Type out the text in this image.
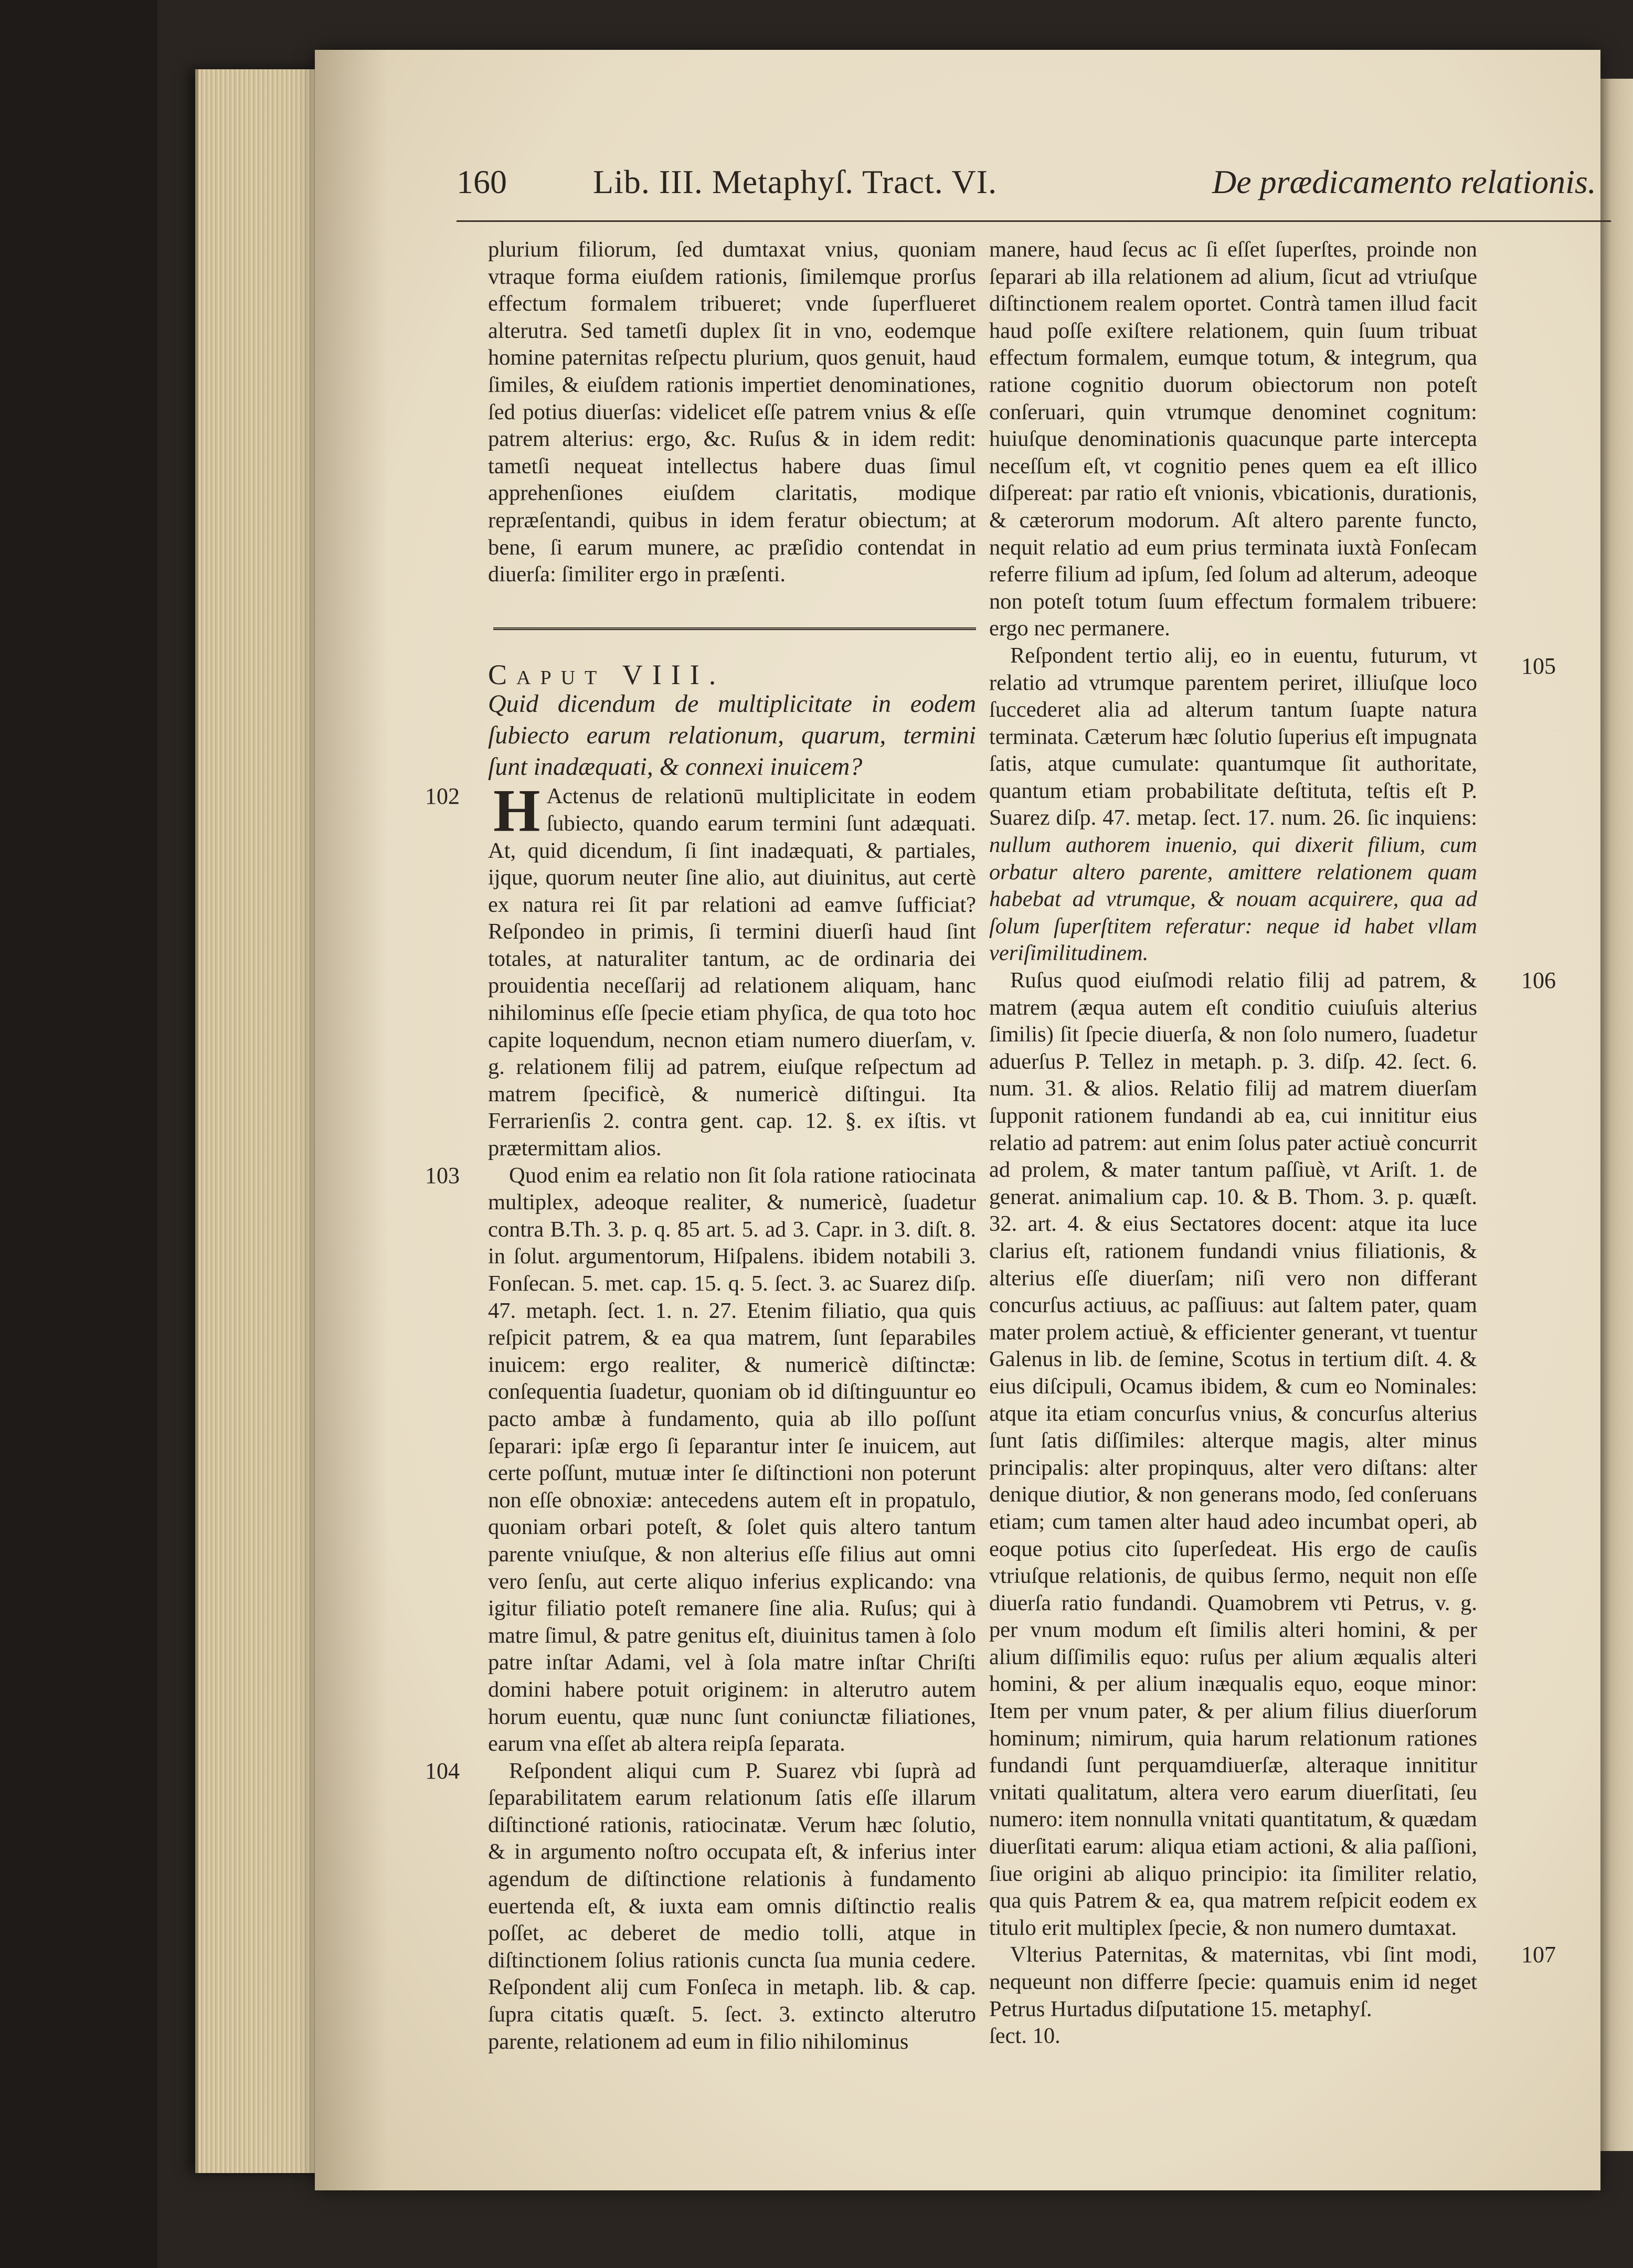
160	Lib. III. Metaphyſ. Tract. VI.	De prædicamento relationis.

plurium filiorum, ſed dumtaxat vnius, quoniam vtraque forma eiuſdem rationis, ſimilemque prorſus effectum formalem tribueret; vnde ſuperflueret alterutra. Sed tametſi duplex ſit in vno, eodemque homine paternitas reſpectu plurium, quos genuit, haud ſimiles, & eiuſdem rationis impertiet denominationes, ſed potius diuerſas: videlicet eſſe patrem vnius & eſſe patrem alterius: ergo, &c. Ruſus & in idem redit: tametſi nequeat intellectus habere duas ſimul apprehenſiones eiuſdem claritatis, modique repræſentandi, quibus in idem feratur obiectum; at bene, ſi earum munere, ac præſidio contendat in diuerſa: ſimiliter ergo in præſenti.

Caput VIII.

Quid dicendum de multiplicitate in eodem ſubiecto earum relationum, quarum, termini ſunt inadæquati, & connexi inuicem?

102 H Actenus de relationū multiplicitate in eodem ſubiecto, quando earum termini ſunt adæquati. At, quid dicendum, ſi ſint inadæquati, & partiales, ijque, quorum neuter ſine alio, aut diuinitus, aut certè ex natura rei ſit par relationi ad eamve ſufficiat? Reſpondeo in primis, ſi termini diuerſi haud ſint totales, at naturaliter tantum, ac de ordinaria dei prouidentia neceſſarij ad relationem aliquam, hanc nihilominus eſſe ſpecie etiam phyſica, de qua toto hoc capite loquendum, necnon etiam numero diuerſam, v. g. relationem filij ad patrem, eiuſque reſpectum ad matrem ſpecificè, & numericè diſtingui. Ita Ferrarienſis 2. contra gent. cap. 12. §. ex iſtis. vt prætermittam alios.

103	Quod enim ea relatio non ſit ſola ratione ratiocinata multiplex, adeoque realiter, & numericè, ſuadetur contra B.Th. 3. p. q. 85 art. 5. ad 3. Capr. in 3. diſt. 8. in ſolut. argumentorum, Hiſpalens. ibidem notabili 3. Fonſecan. 5. met. cap. 15. q. 5. ſect. 3. ac Suarez diſp. 47. metaph. ſect. 1. n. 27. Etenim filiatio, qua quis reſpicit patrem, & ea qua matrem, ſunt ſeparabiles inuicem: ergo realiter, & numericè diſtinctæ: conſequentia ſuadetur, quoniam ob id diſtinguuntur eo pacto ambæ à fundamento, quia ab illo poſſunt ſeparari: ipſæ ergo ſi ſeparantur inter ſe inuicem, aut certe poſſunt, mutuæ inter ſe diſtinctioni non poterunt non eſſe obnoxiæ: antecedens autem eſt in propatulo, quoniam orbari poteſt, & ſolet quis altero tantum parente vniuſque, & non alterius eſſe filius aut omni vero ſenſu, aut certe aliquo inferius explicando: vna igitur filiatio poteſt remanere ſine alia. Ruſus; qui à matre ſimul, & patre genitus eſt, diuinitus tamen à ſolo patre inſtar Adami, vel à ſola matre inſtar Chriſti domini habere potuit originem: in alterutro autem horum euentu, quæ nunc ſunt coniunctæ filiationes, earum vna eſſet ab altera reipſa ſeparata.

104	Reſpondent aliqui cum P. Suarez vbi ſuprà ad ſeparabilitatem earum relationum ſatis eſſe illarum diſtinctioné rationis, ratiocinatæ. Verum hæc ſolutio, & in argumento noſtro occupata eſt, & inferius inter agendum de diſtinctione relationis à fundamento euertenda eſt, & iuxta eam omnis diſtinctio realis poſſet, ac deberet de medio tolli, atque in diſtinctionem ſolius rationis cuncta ſua munia cedere. Reſpondent alij cum Fonſeca in metaph. lib. & cap. ſupra citatis quæſt. 5. ſect. 3. extincto alterutro parente, relationem ad eum in filio nihilominus

manere, haud ſecus ac ſi eſſet ſuperſtes, proinde non ſeparari ab illa relationem ad alium, ſicut ad vtriuſque diſtinctionem realem oportet. Contrà tamen illud facit haud poſſe exiſtere relationem, quin ſuum tribuat effectum formalem, eumque totum, & integrum, qua ratione cognitio duorum obiectorum non poteſt conſeruari, quin vtrumque denominet cognitum: huiuſque denominationis quacunque parte intercepta neceſſum eſt, vt cognitio penes quem ea eſt illico diſpereat: par ratio eſt vnionis, vbicationis, durationis, & cæterorum modorum. Aſt altero parente functo, nequit relatio ad eum prius terminata iuxtà Fonſecam referre filium ad ipſum, ſed ſolum ad alterum, adeoque non poteſt totum ſuum effectum formalem tribuere: ergo nec permanere.

105

Reſpondent tertio alij, eo in euentu, futurum, vt relatio ad vtrumque parentem periret, illiuſque loco ſuccederet alia ad alterum tantum ſuapte natura terminata. Cæterum hæc ſolutio ſuperius eſt impugnata ſatis, atque cumulate: quantumque ſit authoritate, quantum etiam probabilitate deſtituta, teſtis eſt P. Suarez diſp. 47. metap. ſect. 17. num. 26. ſic inquiens: nullum authorem inuenio, qui dixerit filium, cum orbatur altero parente, amittere relationem quam habebat ad vtrumque, & nouam acquirere, qua ad ſolum ſuperſtitem referatur: neque id habet vllam veriſimilitudinem.

106

Ruſus quod eiuſmodi relatio filij ad patrem, & matrem (æqua autem eſt conditio cuiuſuis alterius ſimilis) ſit ſpecie diuerſa, & non ſolo numero, ſuadetur aduerſus P. Tellez in metaph. p. 3. diſp. 42. ſect. 6. num. 31. & alios. Relatio filij ad matrem diuerſam ſupponit rationem fundandi ab ea, cui innititur eius relatio ad patrem: aut enim ſolus pater actiuè concurrit ad prolem, & mater tantum paſſiuè, vt Ariſt. 1. de generat. animalium cap. 10. & B. Thom. 3. p. quæſt. 32. art. 4. & eius Sectatores docent: atque ita luce clarius eſt, rationem fundandi vnius filiationis, & alterius eſſe diuerſam; niſi vero non differant concurſus actiuus, ac paſſiuus: aut ſaltem pater, quam mater prolem actiuè, & efficienter generant, vt tuentur Galenus in lib. de ſemine, Scotus in tertium diſt. 4. & eius diſcipuli, Ocamus ibidem, & cum eo Nominales: atque ita etiam concurſus vnius, & concurſus alterius ſunt ſatis diſſimiles: alterque magis, alter minus principalis: alter propinquus, alter vero diſtans: alter denique diutior, & non generans modo, ſed conſeruans etiam; cum tamen alter haud adeo incumbat operi, ab eoque potius cito ſuperſedeat. His ergo de cauſis vtriuſque relationis, de quibus ſermo, nequit non eſſe diuerſa ratio fundandi. Quamobrem vti Petrus, v. g. per vnum modum eſt ſimilis alteri homini, & per alium diſſimilis equo: ruſus per alium æqualis alteri homini, & per alium inæqualis equo, eoque minor: Item per vnum pater, & per alium filius diuerſorum hominum; nimirum, quia harum relationum rationes fundandi ſunt perquamdiuerſæ, alteraque innititur vnitati qualitatum, altera vero earum diuerſitati, ſeu numero: item nonnulla vnitati quantitatum, & quædam diuerſitati earum: aliqua etiam actioni, & alia paſſioni, ſiue origini ab aliquo principio: ita ſimiliter relatio, qua quis Patrem & ea, qua matrem reſpicit eodem ex titulo erit multiplex ſpecie, & non numero dumtaxat.

107

Vlterius Paternitas, & maternitas, vbi ſint modi, nequeunt non differre ſpecie: quamuis enim id neget Petrus Hurtadus diſputatione 15. metaphyſ.

ſect. 10.
